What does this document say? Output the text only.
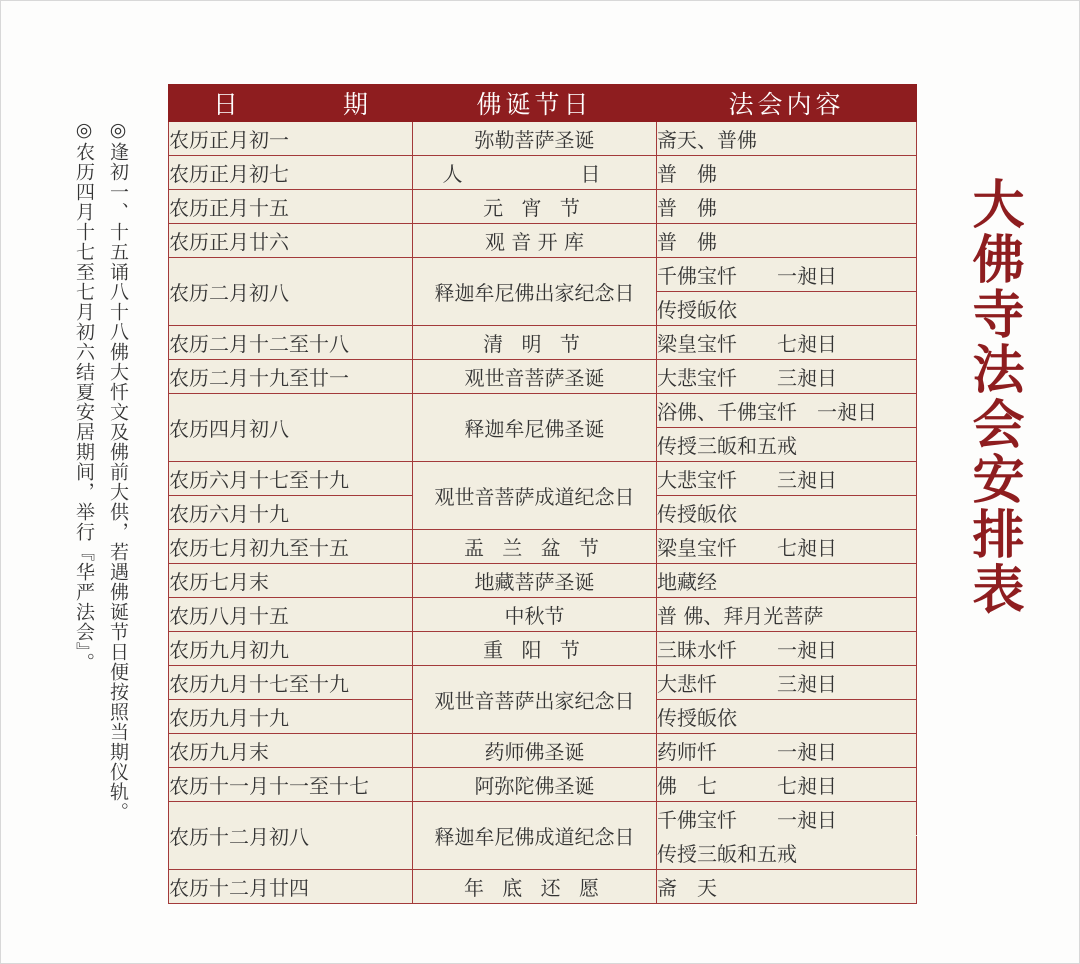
◎逢初一、十五诵八十八佛大忏文及佛前大供，若遇佛诞节日便按照当期仪轨。
◎农历四月十七至七月初六结夏安居期间，举行『华严法会』。
日　期	佛诞节日	法会内容
农历正月初一	弥勒菩萨圣诞	斋天、普佛
农历正月初七	人　　日	普　佛
农历正月十五	元 宵 节	普　佛
农历正月廿六	观 音 开 库	普　佛
农历二月初八	释迦牟尼佛出家纪念日	千佛宝忏　　一昶日
		传授皈依
农历二月十二至十八	清 明 节	梁皇宝忏　　七昶日
农历二月十九至廿一	观世音菩萨圣诞	大悲宝忏　　三昶日
农历四月初八	释迦牟尼佛圣诞	浴佛、千佛宝忏　一昶日
		传授三皈和五戒
农历六月十七至十九	观世音菩萨成道纪念日	大悲宝忏　　三昶日
农历六月十九		传授皈依
农历七月初九至十五	盂 兰 盆 节	梁皇宝忏　　七昶日
农历七月末	地藏菩萨圣诞	地藏经
农历八月十五	中秋节	普 佛、拜月光菩萨
农历九月初九	重 阳 节	三昧水忏　　一昶日
农历九月十七至十九	观世音菩萨出家纪念日	大悲忏　　　三昶日
农历九月十九		传授皈依
农历九月末	药师佛圣诞	药师忏　　　一昶日
农历十一月十一至十七	阿弥陀佛圣诞	佛　七　　　七昶日
农历十二月初八	释迦牟尼佛成道纪念日	千佛宝忏　　一昶日
		传授三皈和五戒
农历十二月廿四	年 底 还 愿	斋　天
大佛寺法会安排表
